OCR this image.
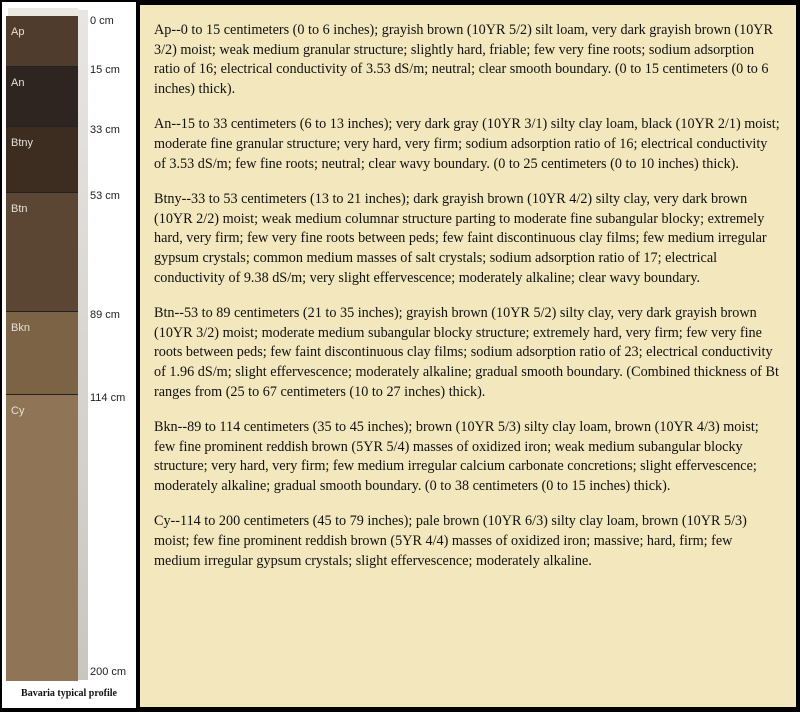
Ap
An
Btny
Btn
Bkn
Cy
0 cm
15 cm
33 cm
53 cm
89 cm
114 cm
200 cm
Bavaria typical profile

Ap--0 to 15 centimeters (0 to 6 inches); grayish brown (10YR 5/2) silt loam, very dark grayish brown (10YR 3/2) moist; weak medium granular structure; slightly hard, friable; few very fine roots; sodium adsorption ratio of 16; electrical conductivity of 3.53 dS/m; neutral; clear smooth boundary. (0 to 15 centimeters (0 to 6 inches) thick).

An--15 to 33 centimeters (6 to 13 inches); very dark gray (10YR 3/1) silty clay loam, black (10YR 2/1) moist; moderate fine granular structure; very hard, very firm; sodium adsorption ratio of 16; electrical conductivity of 3.53 dS/m; few fine roots; neutral; clear wavy boundary. (0 to 25 centimeters (0 to 10 inches) thick).

Btny--33 to 53 centimeters (13 to 21 inches); dark grayish brown (10YR 4/2) silty clay, very dark brown (10YR 2/2) moist; weak medium columnar structure parting to moderate fine subangular blocky; extremely hard, very firm; few very fine roots between peds; few faint discontinuous clay films; few medium irregular gypsum crystals; common medium masses of salt crystals; sodium adsorption ratio of 17; electrical conductivity of 9.38 dS/m; very slight effervescence; moderately alkaline; clear wavy boundary.

Btn--53 to 89 centimeters (21 to 35 inches); grayish brown (10YR 5/2) silty clay, very dark grayish brown (10YR 3/2) moist; moderate medium subangular blocky structure; extremely hard, very firm; few very fine roots between peds; few faint discontinuous clay films; sodium adsorption ratio of 23; electrical conductivity of 1.96 dS/m; slight effervescence; moderately alkaline; gradual smooth boundary. (Combined thickness of Bt ranges from (25 to 67 centimeters (10 to 27 inches) thick).

Bkn--89 to 114 centimeters (35 to 45 inches); brown (10YR 5/3) silty clay loam, brown (10YR 4/3) moist; few fine prominent reddish brown (5YR 5/4) masses of oxidized iron; weak medium subangular blocky structure; very hard, very firm; few medium irregular calcium carbonate concretions; slight effervescence; moderately alkaline; gradual smooth boundary. (0 to 38 centimeters (0 to 15 inches) thick).

Cy--114 to 200 centimeters (45 to 79 inches); pale brown (10YR 6/3) silty clay loam, brown (10YR 5/3) moist; few fine prominent reddish brown (5YR 4/4) masses of oxidized iron; massive; hard, firm; few medium irregular gypsum crystals; slight effervescence; moderately alkaline.
